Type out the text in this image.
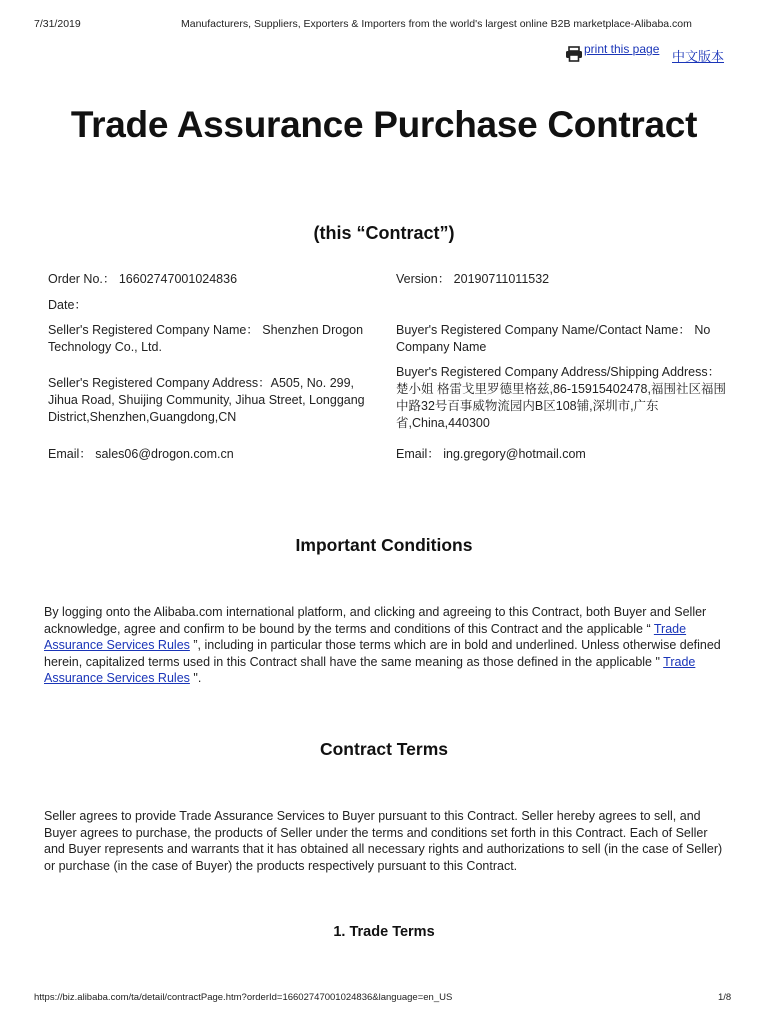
7/31/2019	Manufacturers, Suppliers, Exporters & Importers from the world's largest online B2B marketplace-Alibaba.com
print this page 中文版本
Trade Assurance Purchase Contract
(this “Contract”)
Order No.： 16602747001024836	Version： 20190711011532
Date：
Seller's Registered Company Name： Shenzhen Drogon Technology Co., Ltd.
Buyer's Registered Company Name/Contact Name： No Company Name
Seller's Registered Company Address：A505, No. 299, Jihua Road, Shuijing Community, Jihua Street, Longgang District,Shenzhen,Guangdong,CN
Buyer's Registered Company Address/Shipping Address：楚小姐 格雷戈里罗德里格兹,86-15915402478,福围社区福围中路32号百事威物流园内B区108铺,深圳市,广东省,China,440300
Email： sales06@drogon.com.cn	Email： ing.gregory@hotmail.com
Important Conditions
By logging onto the Alibaba.com international platform, and clicking and agreeing to this Contract, both Buyer and Seller acknowledge, agree and confirm to be bound by the terms and conditions of this Contract and the applicable “ Trade Assurance Services Rules ”, including in particular those terms which are in bold and underlined. Unless otherwise defined herein, capitalized terms used in this Contract shall have the same meaning as those defined in the applicable " Trade Assurance Services Rules ".
Contract Terms
Seller agrees to provide Trade Assurance Services to Buyer pursuant to this Contract. Seller hereby agrees to sell, and Buyer agrees to purchase, the products of Seller under the terms and conditions set forth in this Contract. Each of Seller and Buyer represents and warrants that it has obtained all necessary rights and authorizations to sell (in the case of Seller) or purchase (in the case of Buyer) the products respectively pursuant to this Contract.
1. Trade Terms
https://biz.alibaba.com/ta/detail/contractPage.htm?orderId=16602747001024836&language=en_US	1/8
